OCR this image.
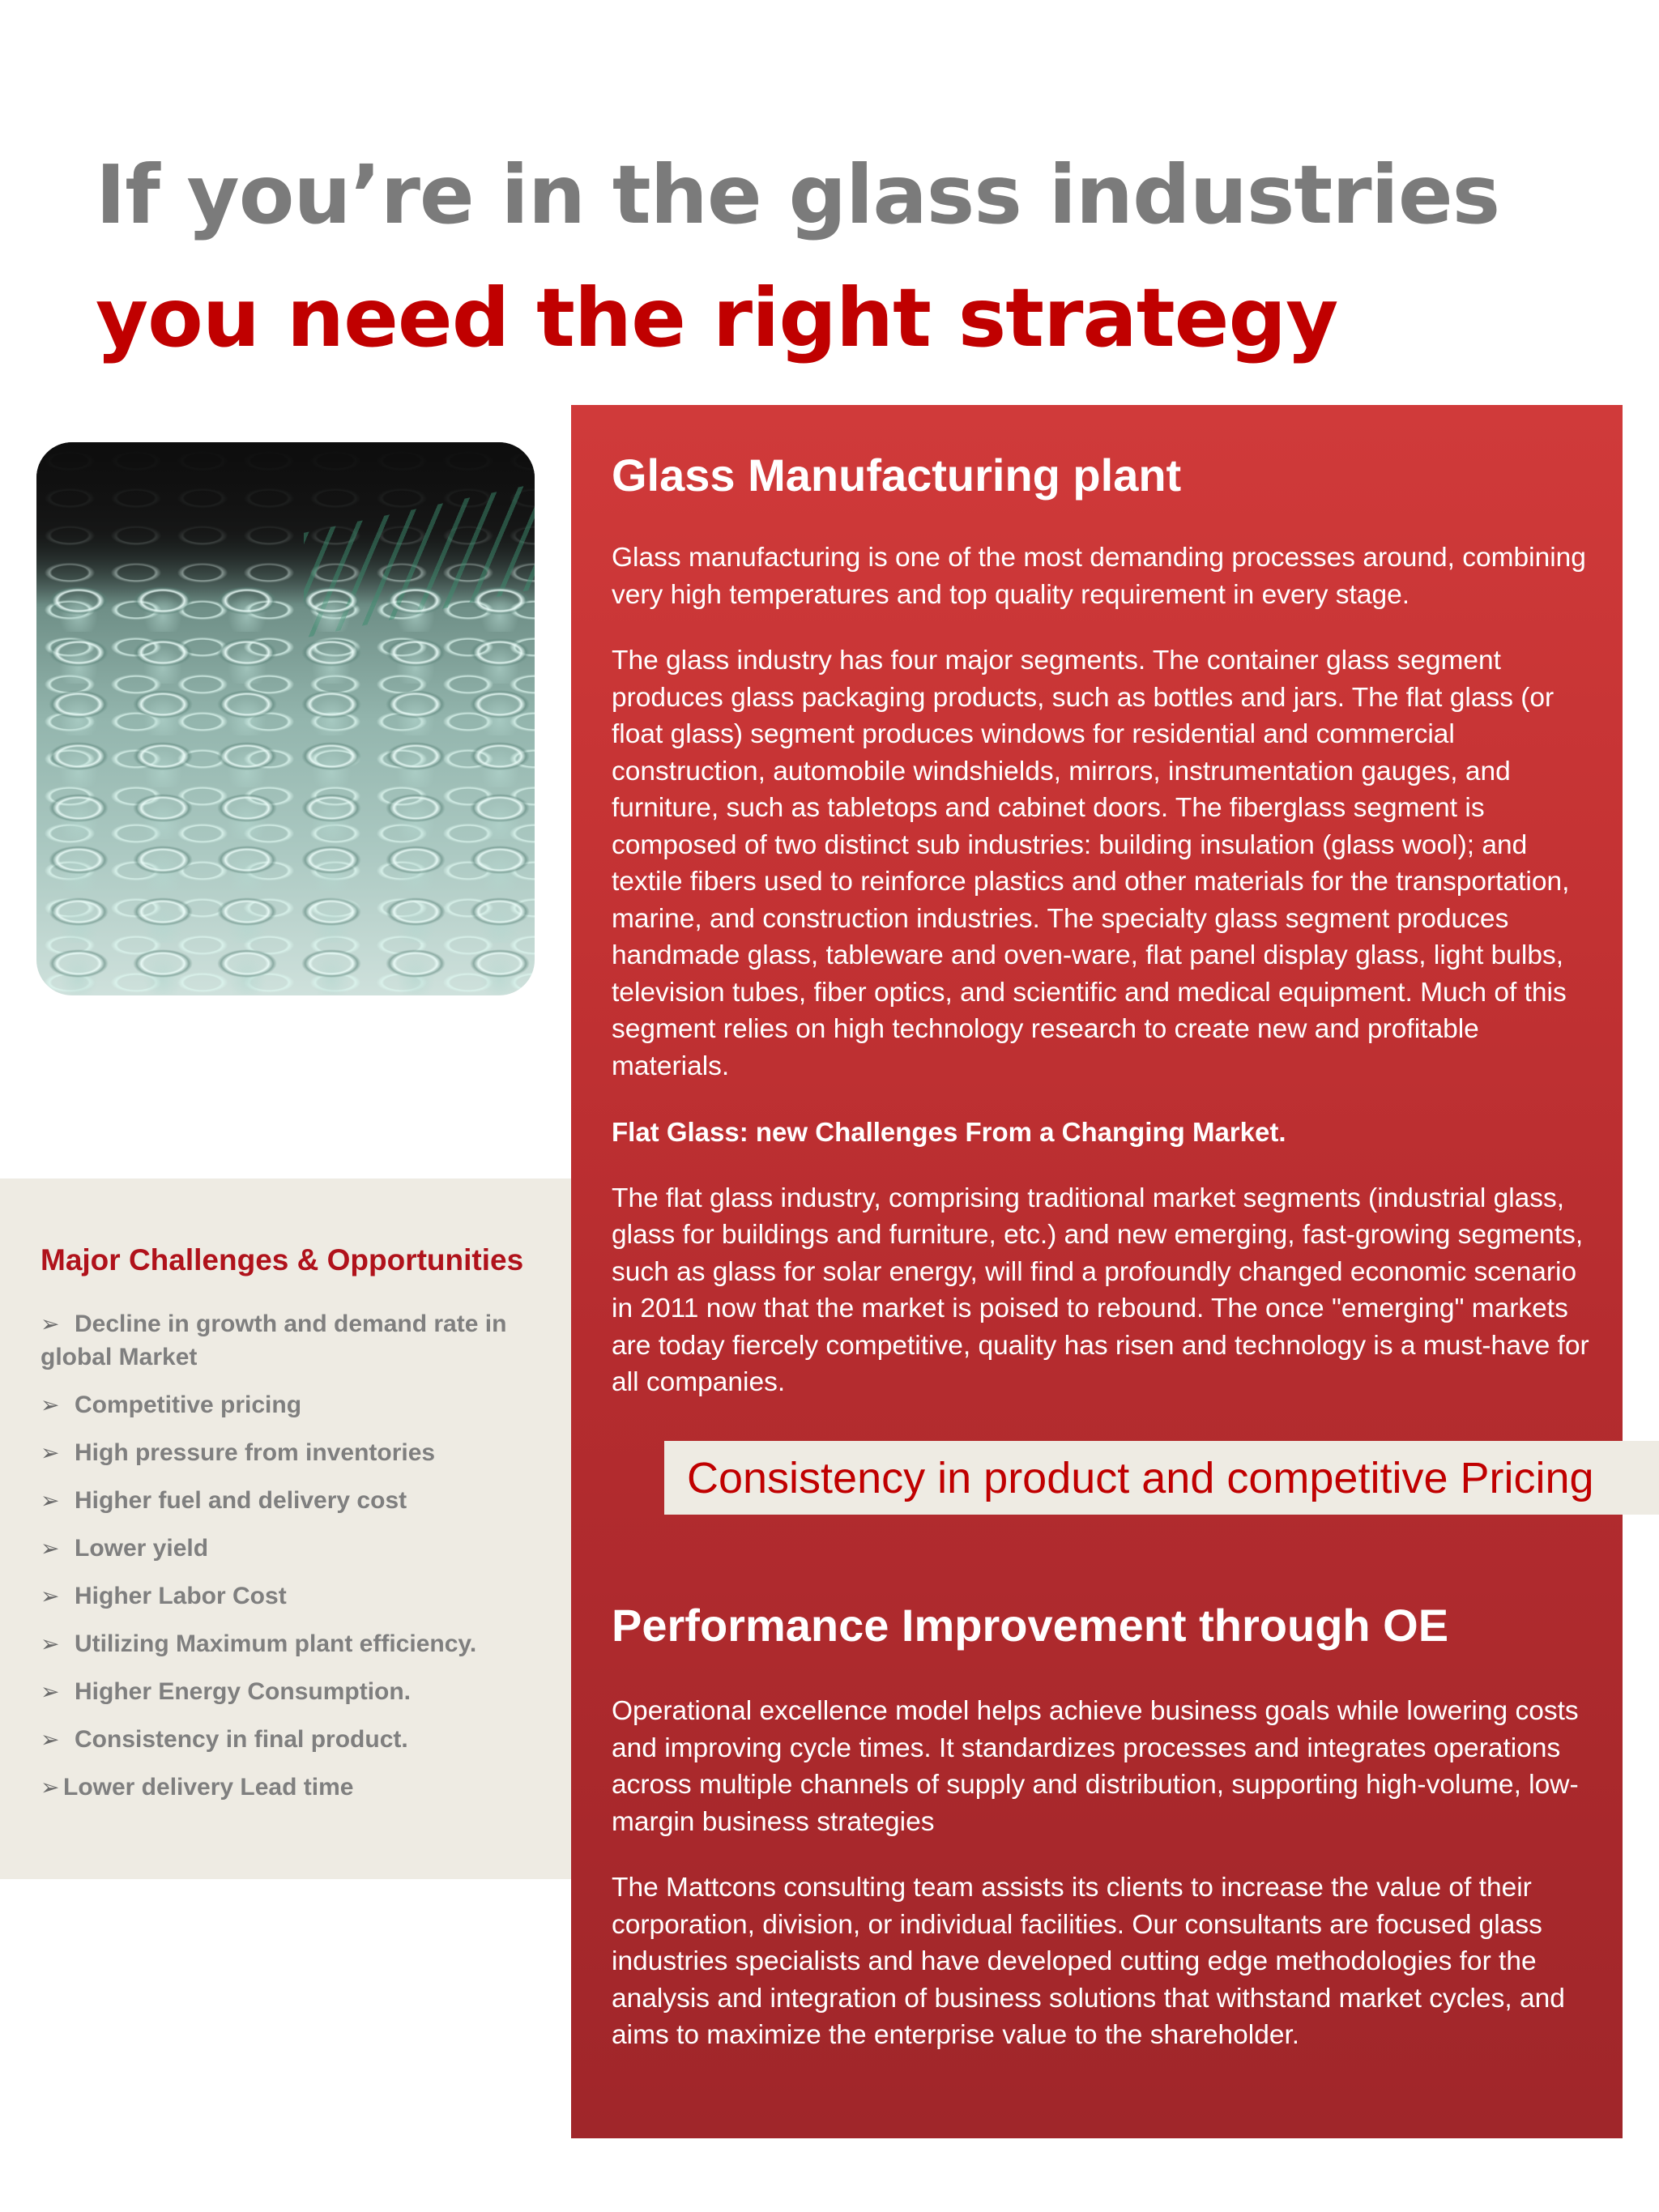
If you’re in the glass industries
you need the right strategy
Major Challenges & Opportunities
➢ Decline in growth and demand rate in global Market
➢ Competitive pricing
➢ High pressure from inventories
➢ Higher fuel and delivery cost
➢ Lower yield
➢ Higher Labor Cost
➢ Utilizing Maximum plant efficiency.
➢ Higher Energy Consumption.
➢ Consistency in final product.
➢ Lower delivery Lead time
Glass Manufacturing plant

Glass manufacturing is one of the most demanding processes around, combining very high temperatures and top quality requirement in every stage.

The glass industry has four major segments. The container glass segment produces glass packaging products, such as bottles and jars. The flat glass (or float glass) segment produces windows for residential and commercial construction, automobile windshields, mirrors, instrumentation gauges, and furniture, such as tabletops and cabinet doors. The fiberglass segment is composed of two distinct sub industries: building insulation (glass wool); and textile fibers used to reinforce plastics and other materials for the transportation, marine, and construction industries. The specialty glass segment produces handmade glass, tableware and oven-ware, flat panel display glass, light bulbs, television tubes, fiber optics, and scientific and medical equipment. Much of this segment relies on high technology research to create new and profitable materials.

Flat Glass: new Challenges From a Changing Market.

The flat glass industry, comprising traditional market segments (industrial glass, glass for buildings and furniture, etc.) and new emerging, fast-growing segments, such as glass for solar energy, will find a profoundly changed economic scenario in 2011 now that the market is poised to rebound. The once "emerging" markets are today fiercely competitive, quality has risen and technology is a must-have for all companies.

Consistency in product and competitive Pricing
Performance Improvement through OE

Operational excellence model helps achieve business goals while lowering costs and improving cycle times. It standardizes processes and integrates operations across multiple channels of supply and distribution, supporting high-volume, low-margin business strategies

The Mattcons consulting team assists its clients to increase the value of their corporation, division, or individual facilities. Our consultants are focused glass industries specialists and have developed cutting edge methodologies for the analysis and integration of business solutions that withstand market cycles, and aims to maximize the enterprise value to the shareholder.
